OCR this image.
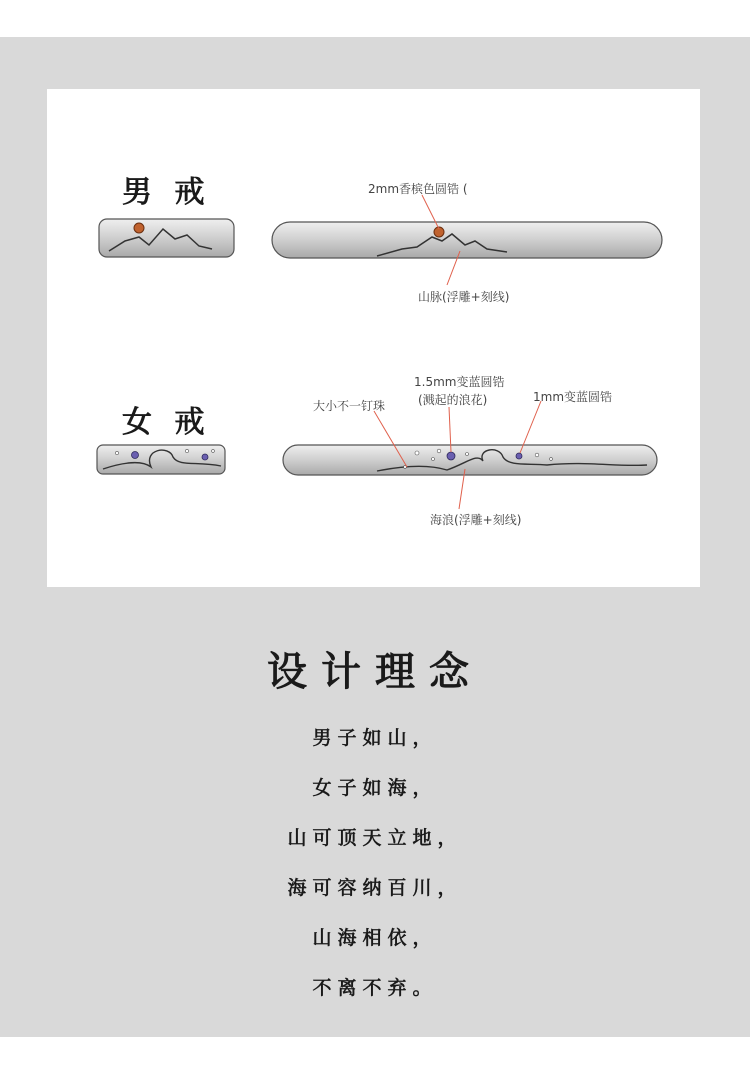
男 戒
女 戒
2mm香槟色圆锆 (
山脉(浮雕+刻线)
大小不一钉珠
1.5mm变蓝圆锆
(溅起的浪花)	1mm变蓝圆锆
海浪(浮雕+刻线)
设计理念
男子如山，
女子如海，
山可顶天立地，
海可容纳百川，
山海相依，
不离不弃。
